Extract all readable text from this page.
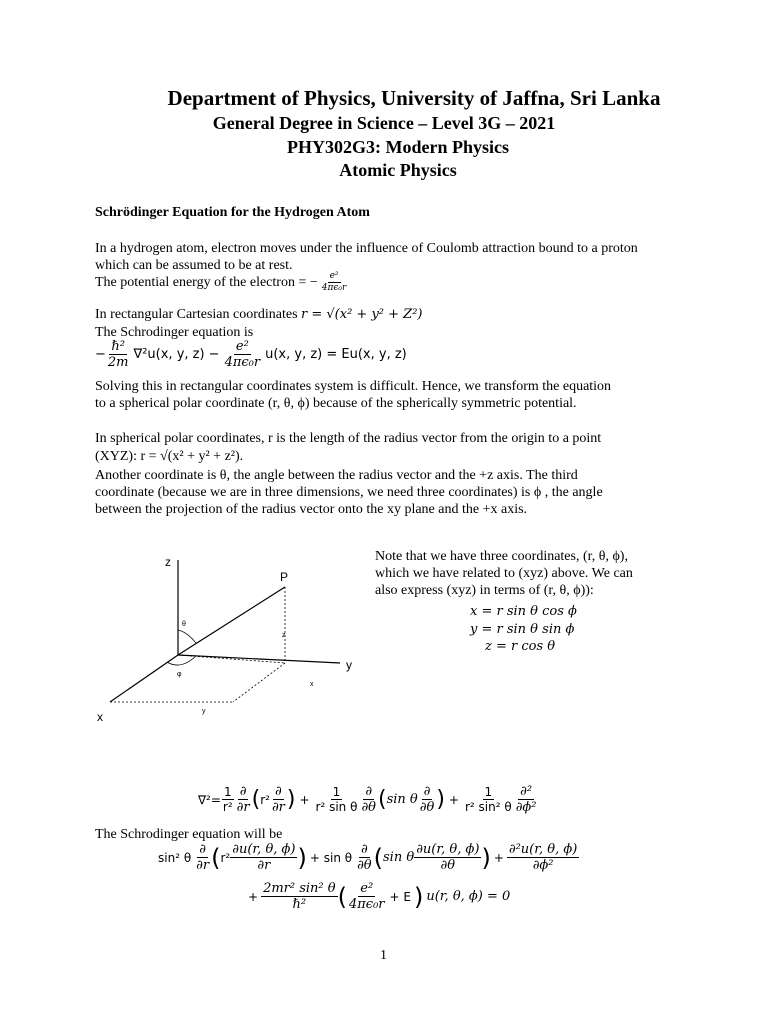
Department of Physics, University of Jaffna, Sri Lanka
General Degree in Science – Level 3G – 2021
PHY302G3: Modern Physics
Atomic Physics
Schrödinger Equation for the Hydrogen Atom
In a hydrogen atom, electron moves under the influence of Coulomb attraction bound to a proton
which can be assumed to be at rest.
The potential energy of the electron = − $\frac{\text{e²}}{\text{4πϵ₀r}}$
In rectangular Cartesian coordinates r = √(x² + y² + Z²)
The Schrodinger equation is
− $\frac{\text{ℏ²}}{2m} \nabla^2u(x$, y, $z) - \frac{\text{e²}}{\text{4πϵ₀r}} u(x$, y, z) = Eu(x, y, z)
Solving this in rectangular coordinates system is difficult. Hence, we transform the equation
to a spherical polar coordinate (r, θ, ϕ) because of the spherically symmetric potential.
In spherical polar coordinates, r is the length of the radius vector from the origin to a point
(XYZ): r = √(x² + y² + z²).
Another coordinate is θ, the angle between the radius vector and the +z axis. The third
coordinate (because we are in three dimensions, we need three coordinates) is ϕ , the angle
between the projection of the radius vector onto the xy plane and the +x axis.
z
P
θ
z
y
φ
x
y
x
Note that we have three coordinates, (r, θ, ϕ),
which we have related to (xyz) above. We can
also express (xyz) in terms of (r, θ, ϕ)):
x = r sin θ cos ϕ
y = r sin θ sin ϕ
z = r cos θ
$\nabla^2= \frac{1}{\text{r²}} \frac{\partial}{\partial r}$ ( $r^2 \frac{\partial}{\partial r}$ ) + $\frac{1}{\text{r² sin θ}} \frac{\partial}{\partial\theta}$ ( sin θ $\frac{\partial}{\partial\theta}$ ) + $\frac{1}{\text{r² sin² θ}} \frac{\text{∂²}}{\text{∂ϕ²}}$
The Schrodinger equation will be
sin² θ $\frac{\partial}{\partial r}$ ( $r^2 \frac{\partial u(r, \theta, \phi)}{\partial r}$ ) + sin θ $\frac{\partial}{\partial\theta}$ ( sin θ $\frac{\partial u(r, \theta, \phi)}{\partial\theta}$ ) + $\frac{\text{∂²u(r, θ, ϕ)}}{\text{∂ϕ²}}$
+ $\frac{\text{2mr² sin² θ}}{\text{ℏ²}}$ ( $\frac{\text{e²}}{\text{4πϵ₀r}} + E$ ) u(r, θ, ϕ) = 0
1
